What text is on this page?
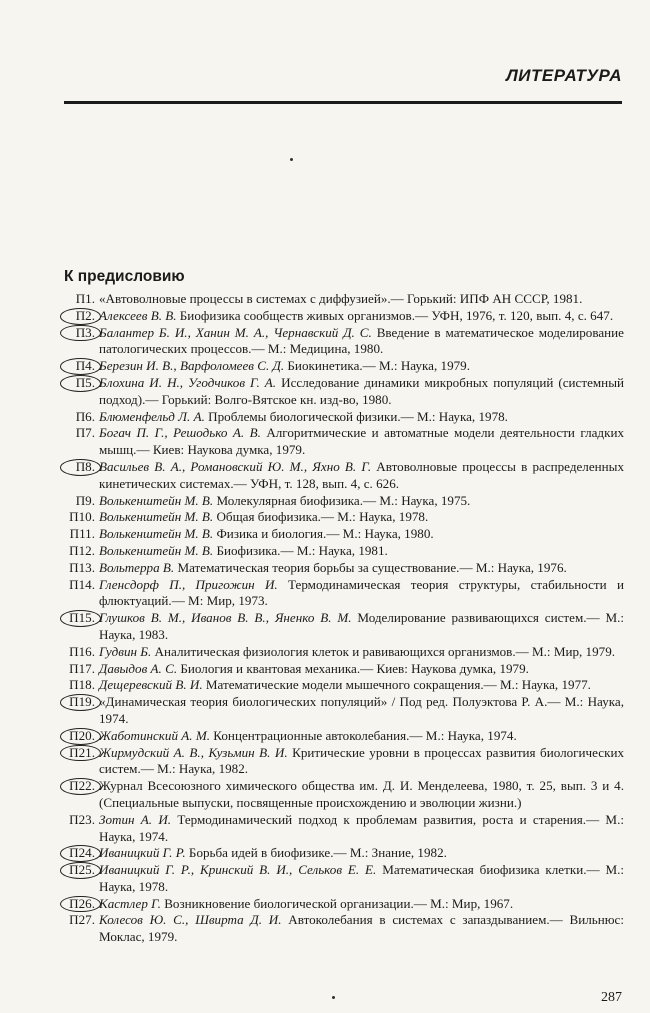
ЛИТЕРАТУРА
К предисловию
П1. «Автоволновые процессы в системах с диффузией».— Горький: ИПФ АН СССР, 1981.
П2. Алексеев В. В. Биофизика сообществ живых организмов.— УФН, 1976, т. 120, вып. 4, с. 647.
П3. Балантер Б. И., Ханин М. А., Чернавский Д. С. Введение в математическое моделирование патологических процессов.— М.: Медицина, 1980.
П4. Березин И. В., Варфоломеев С. Д. Биокинетика.— М.: Наука, 1979.
П5. Блохина И. Н., Угодчиков Г. А. Исследование динамики микробных популяций (системный подход).— Горький: Волго-Вятское кн. изд-во, 1980.
П6. Блюменфельд Л. А. Проблемы биологической физики.— М.: Наука, 1978.
П7. Богач П. Г., Решодько А. В. Алгоритмические и автоматные модели деятельности гладких мышц.— Киев: Наукова думка, 1979.
П8. Васильев В. А., Романовский Ю. М., Яхно В. Г. Автоволновые процессы в распределенных кинетических системах.— УФН, т. 128, вып. 4, с. 626.
П9. Волькенштейн М. В. Молекулярная биофизика.— М.: Наука, 1975.
П10. Волькенштейн М. В. Общая биофизика.— М.: Наука, 1978.
П11. Волькенштейн М. В. Физика и биология.— М.: Наука, 1980.
П12. Волькенштейн М. В. Биофизика.— М.: Наука, 1981.
П13. Вольтерра В. Математическая теория борьбы за существование.— М.: Наука, 1976.
П14. Гленсдорф П., Пригожин И. Термодинамическая теория структуры, стабильности и флюктуаций.— М: Мир, 1973.
П15. Глушков В. М., Иванов В. В., Яненко В. М. Моделирование развивающихся систем.— М.: Наука, 1983.
П16. Гудвин Б. Аналитическая физиология клеток и равивающихся организмов.— М.: Мир, 1979.
П17. Давыдов А. С. Биология и квантовая механика.— Киев: Наукова думка, 1979.
П18. Дещеревский В. И. Математические модели мышечного сокращения.— М.: Наука, 1977.
П19. «Динамическая теория биологических популяций» / Под ред. Полуэктова Р. А.— М.: Наука, 1974.
П20. Жаботинский А. М. Концентрационные автоколебания.— М.: Наука, 1974.
П21. Жирмудский А. В., Кузьмин В. И. Критические уровни в процессах развития биологических систем.— М.: Наука, 1982.
П22. Журнал Всесоюзного химического общества им. Д. И. Менделеева, 1980, т. 25, вып. 3 и 4. (Специальные выпуски, посвященные происхождению и эволюции жизни.)
П23. Зотин А. И. Термодинамический подход к проблемам развития, роста и старения.— М.: Наука, 1974.
П24. Иваницкий Г. Р. Борьба идей в биофизике.— М.: Знание, 1982.
П25. Иваницкий Г. Р., Кринский В. И., Сельков Е. Е. Математическая биофизика клетки.— М.: Наука, 1978.
П26. Кастлер Г. Возникновение биологической организации.— М.: Мир, 1967.
П27. Колесов Ю. С., Швирта Д. И. Автоколебания в системах с запаздыванием.— Вильнюс: Моклас, 1979.
287
